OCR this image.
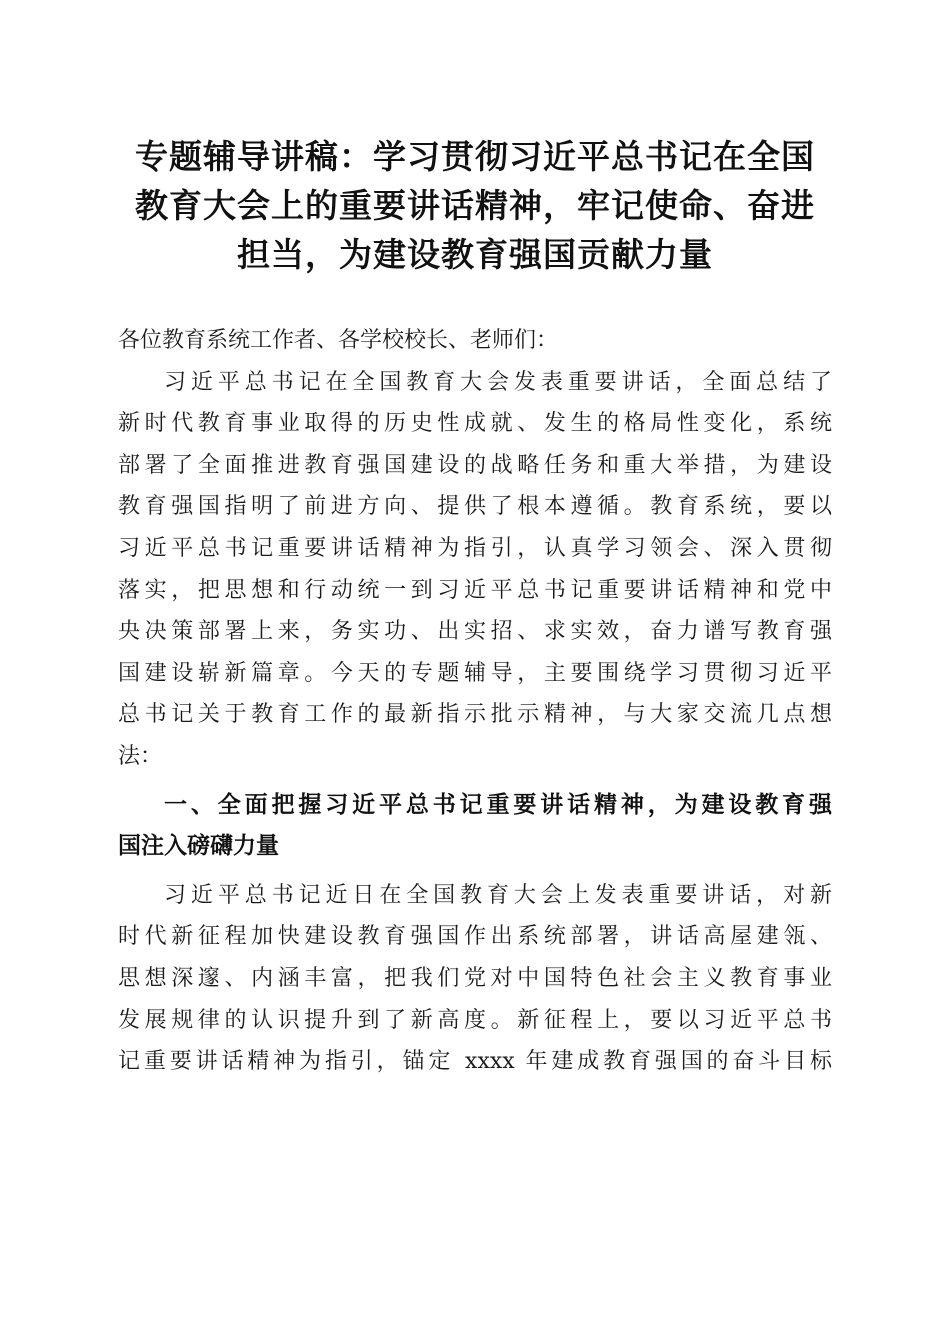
专题辅导讲稿：学习贯彻习近平总书记在全国
教育大会上的重要讲话精神，牢记使命、奋进
担当，为建设教育强国贡献力量
各位教育系统工作者、各学校校长、老师们：
习近平总书记在全国教育大会发表重要讲话，全面总结了
新时代教育事业取得的历史性成就、发生的格局性变化，系统
部署了全面推进教育强国建设的战略任务和重大举措，为建设
教育强国指明了前进方向、提供了根本遵循。教育系统，要以
习近平总书记重要讲话精神为指引，认真学习领会、深入贯彻
落实，把思想和行动统一到习近平总书记重要讲话精神和党中
央决策部署上来，务实功、出实招、求实效，奋力谱写教育强
国建设崭新篇章。今天的专题辅导，主要围绕学习贯彻习近平
总书记关于教育工作的最新指示批示精神，与大家交流几点想
法：
一、全面把握习近平总书记重要讲话精神，为建设教育强
国注入磅礴力量
习近平总书记近日在全国教育大会上发表重要讲话，对新
时代新征程加快建设教育强国作出系统部署，讲话高屋建瓴、
思想深邃、内涵丰富，把我们党对中国特色社会主义教育事业
发展规律的认识提升到了新高度。新征程上，要以习近平总书
记重要讲话精神为指引，锚定 xxxx 年建成教育强国的奋斗目标
